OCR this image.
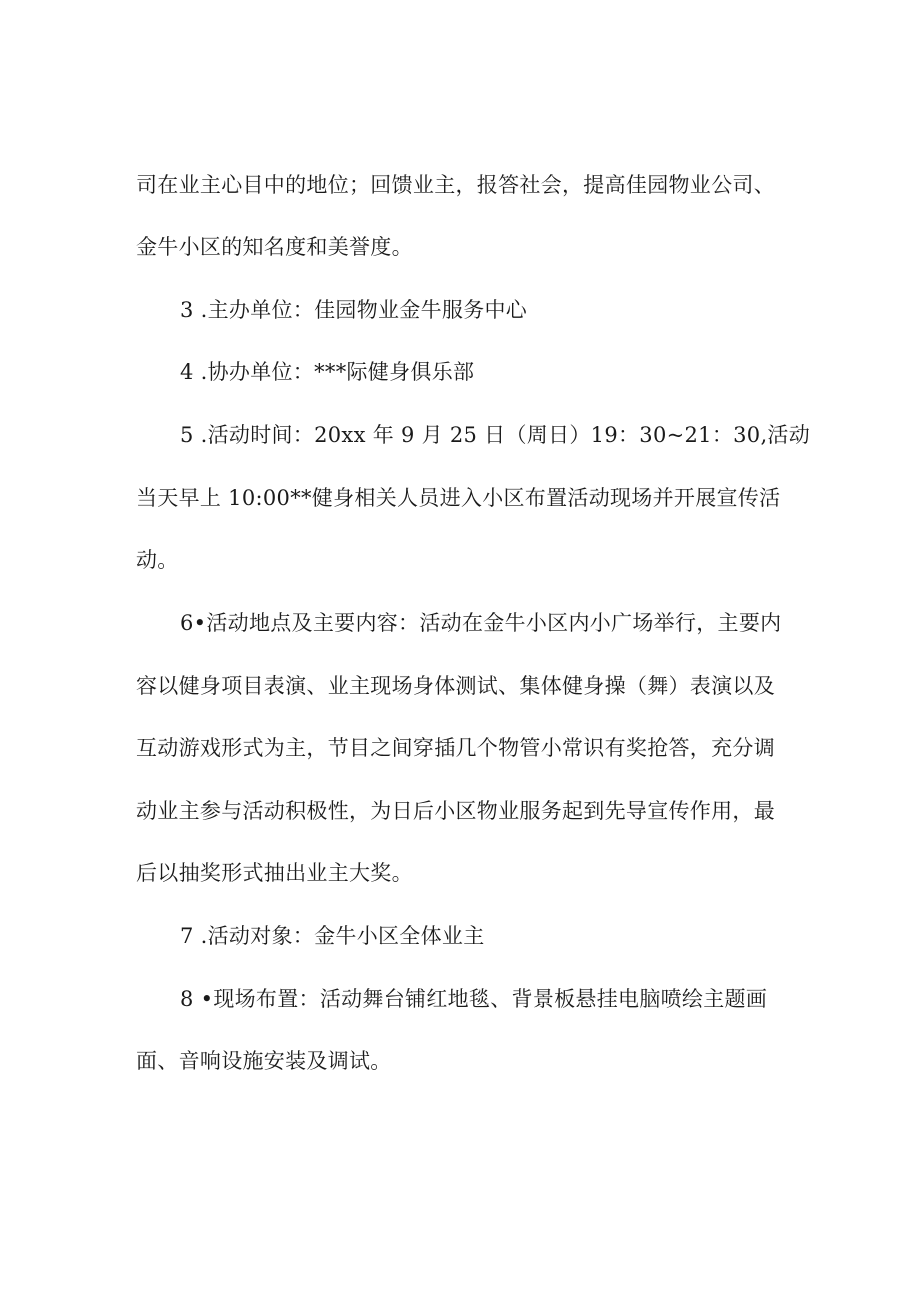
司在业主心目中的地位；回馈业主，报答社会，提高佳园物业公司、
金牛小区的知名度和美誉度。
3 .主办单位：佳园物业金牛服务中心
4 .协办单位：***际健身俱乐部
5 .活动时间：20xx 年 9 月 25 日（周日）19：30~21：30,活动
当天早上 10:00**健身相关人员进入小区布置活动现场并开展宣传活
动。
6•活动地点及主要内容：活动在金牛小区内小广场举行，主要内
容以健身项目表演、业主现场身体测试、集体健身操（舞）表演以及
互动游戏形式为主，节目之间穿插几个物管小常识有奖抢答，充分调
动业主参与活动积极性，为日后小区物业服务起到先导宣传作用，最
后以抽奖形式抽出业主大奖。
7 .活动对象：金牛小区全体业主
8 •现场布置：活动舞台铺红地毯、背景板悬挂电脑喷绘主题画
面、音响设施安装及调试。
